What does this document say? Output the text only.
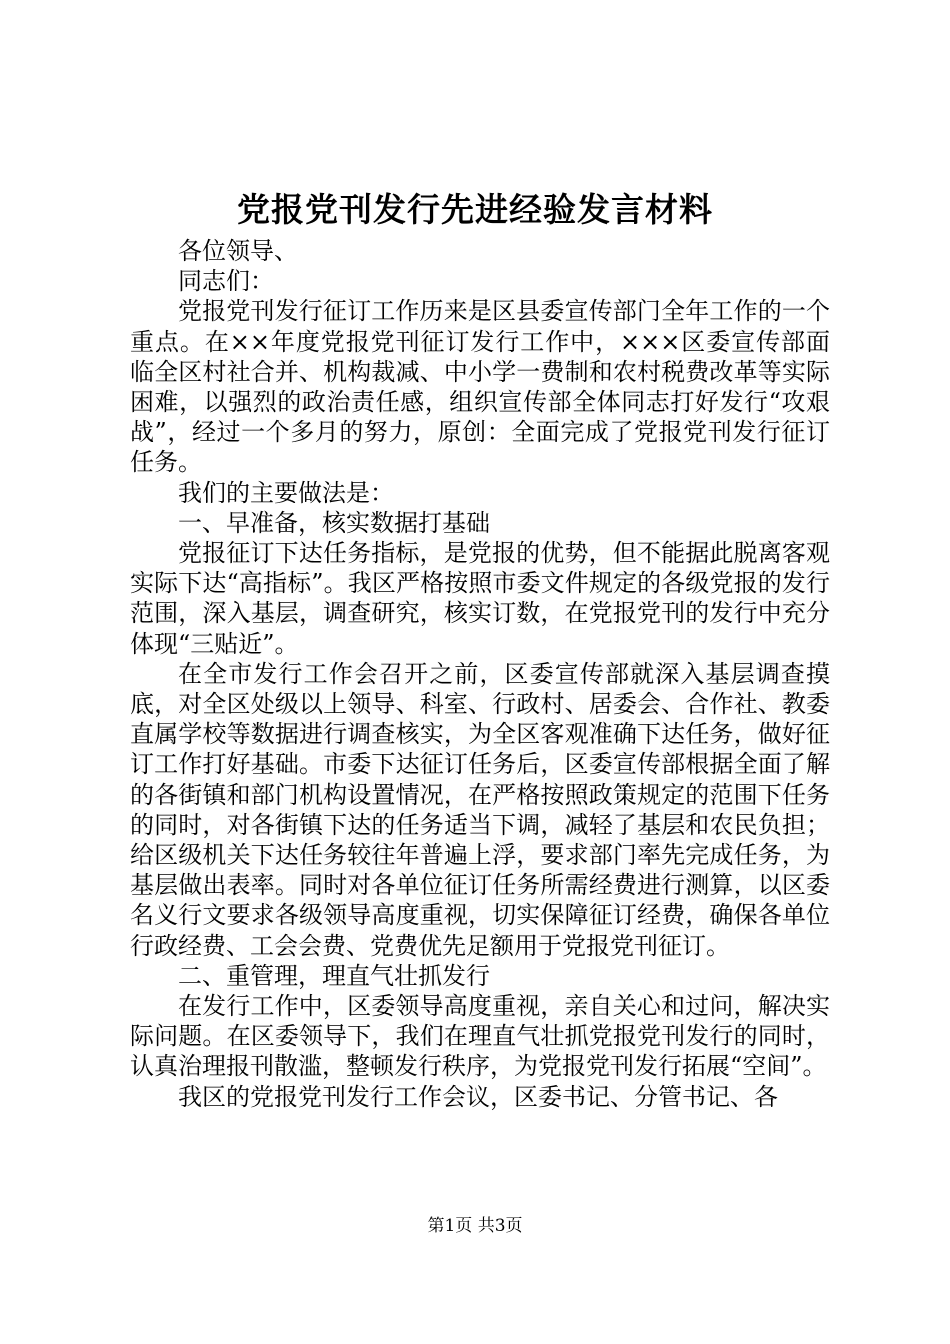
党报党刊发行先进经验发言材料

各位领导、

同志们：

党报党刊发行征订工作历来是区县委宣传部门全年工作的一个重点。在××年度党报党刊征订发行工作中，×××区委宣传部面临全区村社合并、机构裁减、中小学一费制和农村税费改革等实际困难，以强烈的政治责任感，组织宣传部全体同志打好发行“攻艰战”，经过一个多月的努力，原创：全面完成了党报党刊发行征订任务。

我们的主要做法是：

一、早准备，核实数据打基础

党报征订下达任务指标，是党报的优势，但不能据此脱离客观实际下达“高指标”。我区严格按照市委文件规定的各级党报的发行范围，深入基层，调查研究，核实订数，在党报党刊的发行中充分体现“三贴近”。

在全市发行工作会召开之前，区委宣传部就深入基层调查摸底，对全区处级以上领导、科室、行政村、居委会、合作社、教委直属学校等数据进行调查核实，为全区客观准确下达任务，做好征订工作打好基础。市委下达征订任务后，区委宣传部根据全面了解的各街镇和部门机构设置情况，在严格按照政策规定的范围下任务的同时，对各街镇下达的任务适当下调，减轻了基层和农民负担；给区级机关下达任务较往年普遍上浮，要求部门率先完成任务，为基层做出表率。同时对各单位征订任务所需经费进行测算，以区委名义行文要求各级领导高度重视，切实保障征订经费，确保各单位行政经费、工会会费、党费优先足额用于党报党刊征订。

二、重管理，理直气壮抓发行

在发行工作中，区委领导高度重视，亲自关心和过问，解决实际问题。在区委领导下，我们在理直气壮抓党报党刊发行的同时，认真治理报刊散滥，整顿发行秩序，为党报党刊发行拓展“空间”。

我区的党报党刊发行工作会议，区委书记、分管书记、各

第1页 共3页
